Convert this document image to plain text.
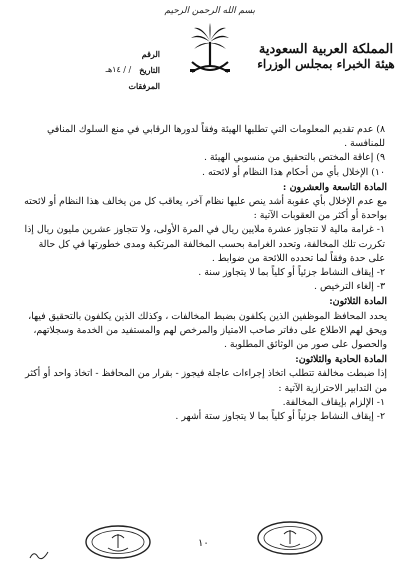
بسم الله الرحمن الرحيم
المملكة العربية السعودية
هيئة الخبراء بمجلس الوزراء
الرقم
التاريخ
/ / ١٤هـ
المرفقات

٨) عدم تقديم المعلومات التي تطلبها الهيئة وفقاً لدورها الرقابي في منع السلوك المنافي للمنافسة .

٩) إعاقة المختص بالتحقيق من منسوبي الهيئة .

١٠) الإخلال بأي من أحكام هذا النظام أو لائحته .

المادة التاسعة والعشرون :

مع عدم الإخلال بأي عقوبة أشد ينص عليها نظام آخر، يعاقب كل من يخالف هذا النظام أو لائحته بواحدة أو أكثر من العقوبات الآتية :

١- غرامة مالية لا تتجاوز عشرة ملايين ريال في المرة الأولى، ولا تتجاوز عشرين مليون ريال إذا تكررت تلك المخالفة، وتحدد الغرامة بحسب المخالفة المرتكبة ومدى خطورتها في كل حالة على حدة وفقاً لما تحدده اللائحة من ضوابط .

٢- إيقاف النشاط جزئياً أو كلياً بما لا يتجاوز سنة .

٣- إلغاء الترخيص .

المادة الثلاثون:

يحدد المحافظ الموظفين الذين يكلفون بضبط المخالفات ، وكذلك الذين يكلفون بالتحقيق فيها، ويحق لهم الاطلاع على دفاتر صاحب الامتياز والمرخص لهم والمستفيد من الخدمة وسجلاتهم، والحصول على صور من الوثائق المطلوبة .

المادة الحادية والثلاثون:

إذا ضبطت مخالفة تتطلب اتخاذ إجراءات عاجلة فيجوز - بقرار من المحافظ - اتخاذ واحد أو أكثر من التدابير الاحترازية الآتية :

١- الإلزام بإيقاف المخالفة.

٢- إيقاف النشاط جزئياً أو كلياً بما لا يتجاوز ستة أشهر .

١٠
